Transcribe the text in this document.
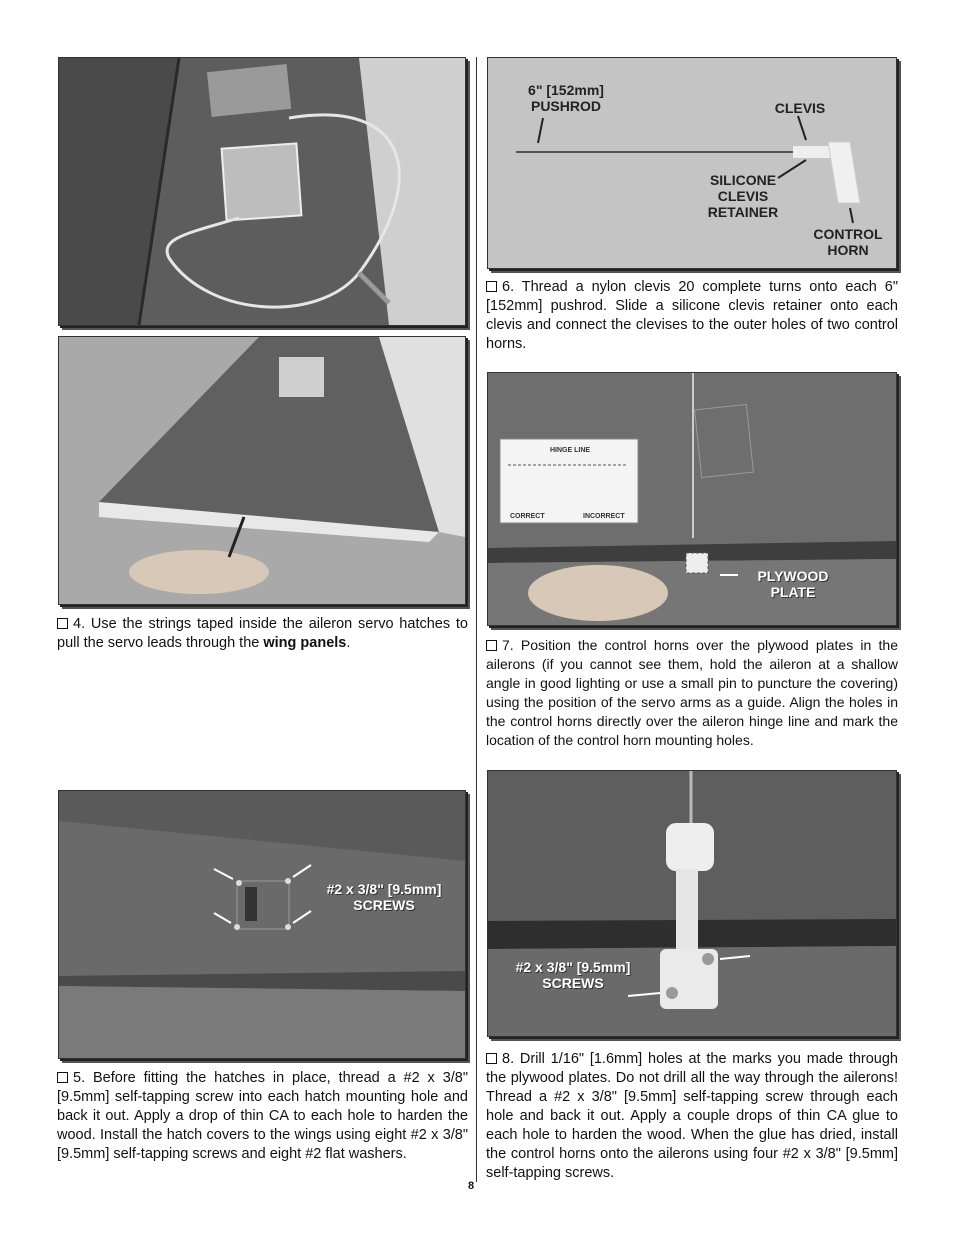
4. Use the strings taped inside the aileron servo hatches to pull the servo leads through the wing panels.
#2 x 3/8" [9.5mm]
SCREWS
5. Before fitting the hatches in place, thread a #2 x 3/8" [9.5mm] self-tapping screw into each hatch mounting hole and back it out. Apply a drop of thin CA to each hole to harden the wood. Install the hatch covers to the wings using eight #2 x 3/8" [9.5mm] self-tapping screws and eight #2 flat washers.
6" [152mm]
PUSHROD	CLEVIS
SILICONE
CLEVIS
RETAINER
CONTROL
HORN
6. Thread a nylon clevis 20 complete turns onto each 6" [152mm] pushrod. Slide a silicone clevis retainer onto each clevis and connect the clevises to the outer holes of two control horns.
HINGE LINE
CORRECT	INCORRECT
PLYWOOD
PLATE
7. Position the control horns over the plywood plates in the ailerons (if you cannot see them, hold the aileron at a shallow angle in good lighting or use a small pin to puncture the covering) using the position of the servo arms as a guide. Align the holes in the control horns directly over the aileron hinge line and mark the location of the control horn mounting holes.
#2 x 3/8" [9.5mm]
SCREWS
8. Drill 1/16" [1.6mm] holes at the marks you made through the plywood plates. Do not drill all the way through the ailerons! Thread a #2 x 3/8" [9.5mm] self-tapping screw through each hole and back it out. Apply a couple drops of thin CA glue to each hole to harden the wood. When the glue has dried, install the control horns onto the ailerons using four #2 x 3/8" [9.5mm] self-tapping screws.
8
